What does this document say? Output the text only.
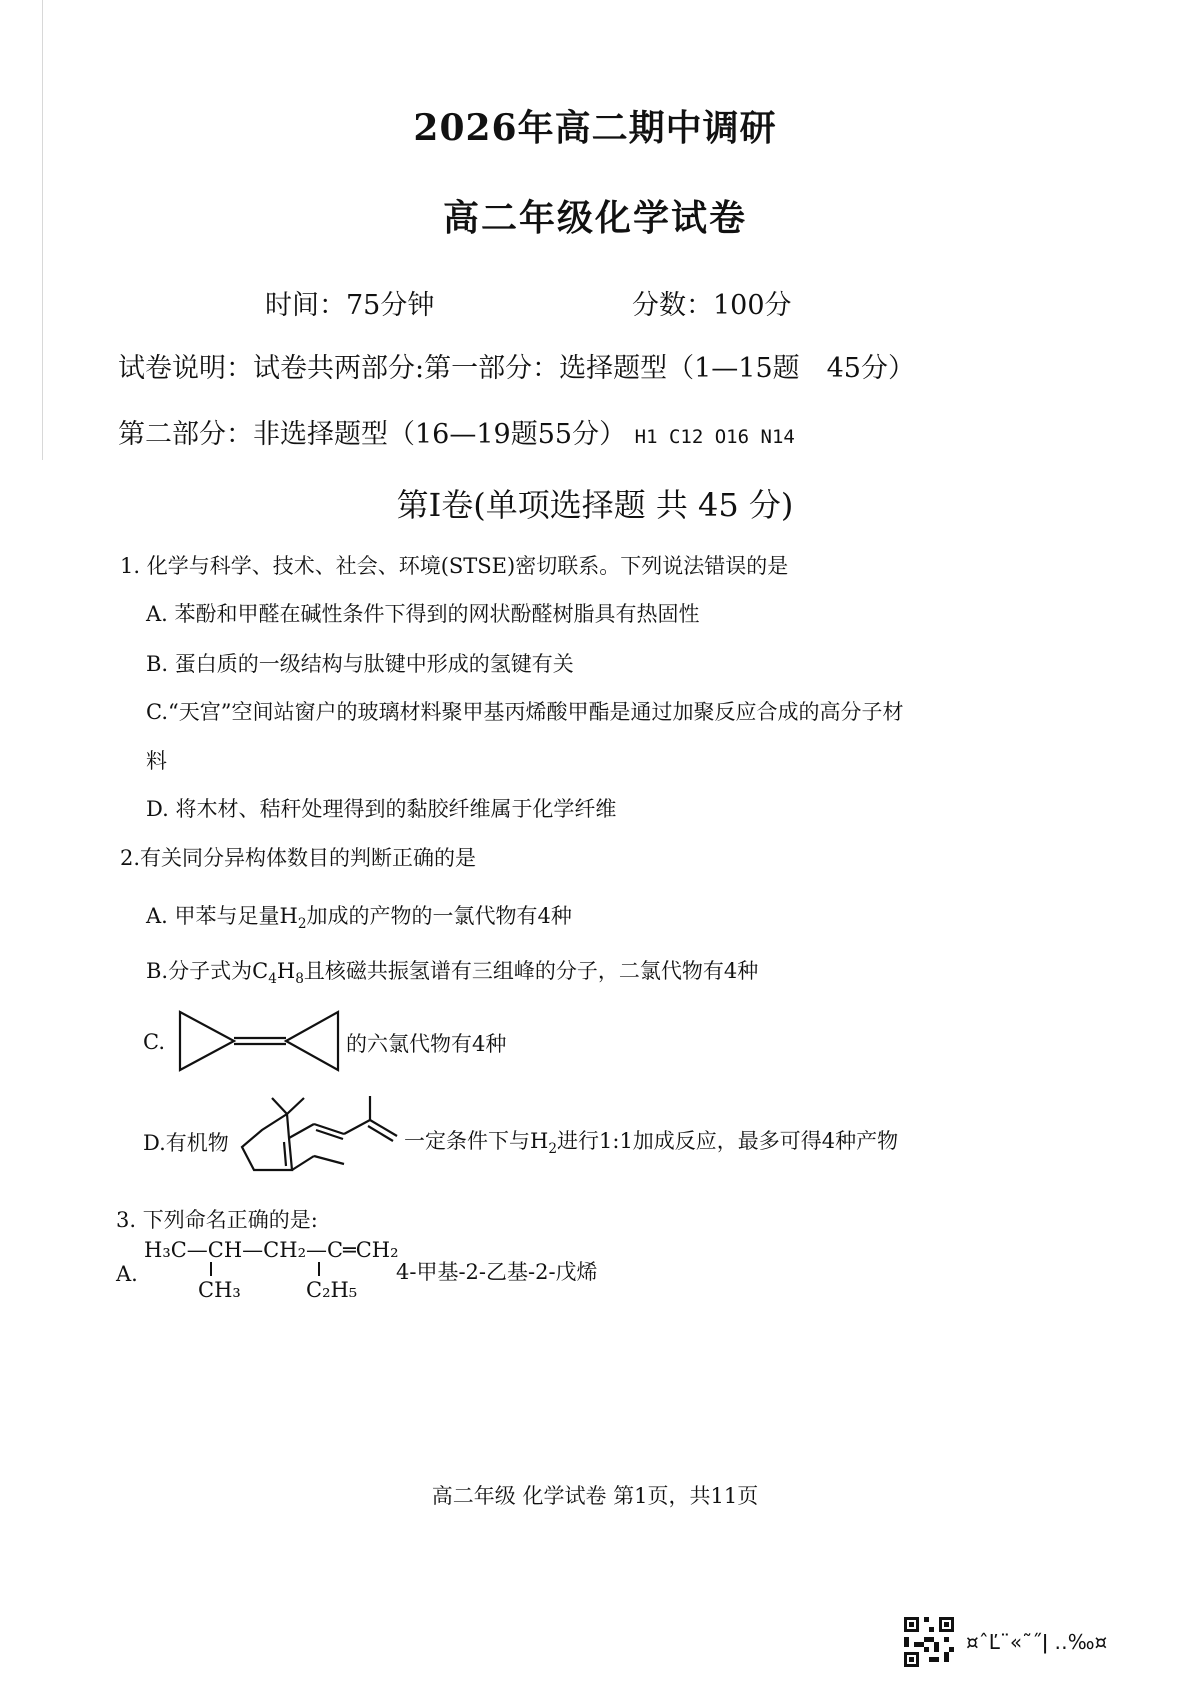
2026年高二期中调研
高二年级化学试卷
时间：75分钟	分数：100分
试卷说明：试卷共两部分:第一部分：选择题型（1—15题　45分）
第二部分：非选择题型（16—19题55分） H1 C12 O16 N14
第Ⅰ卷(单项选择题 共 45 分)
1. 化学与科学、技术、社会、环境(STSE)密切联系。下列说法错误的是
A. 苯酚和甲醛在碱性条件下得到的网状酚醛树脂具有热固性
B. 蛋白质的一级结构与肽键中形成的氢键有关
C.“天宫”空间站窗户的玻璃材料聚甲基丙烯酸甲酯是通过加聚反应合成的高分子材
料
D. 将木材、秸秆处理得到的黏胶纤维属于化学纤维
2.有关同分异构体数目的判断正确的是
A. 甲苯与足量$H_2$加成的产物的一氯代物有4种
B.分子式为$C_4H_8$且核磁共振氢谱有三组峰的分子，二氯代物有4种
C.	的六氯代物有4种
D.有机物	一定条件下与$H_2$进行1:1加成反应，最多可得4种产物
3. 下列命名正确的是:
A.
H₃C—CH—CH₂—C═CH₂
CH₃	C₂H₅
4-甲基-2-乙基-2-戊烯
高二年级 化学试卷 第1页，共11页
¤ˆĽ¨«˜˝ǀ ‥‰¤
